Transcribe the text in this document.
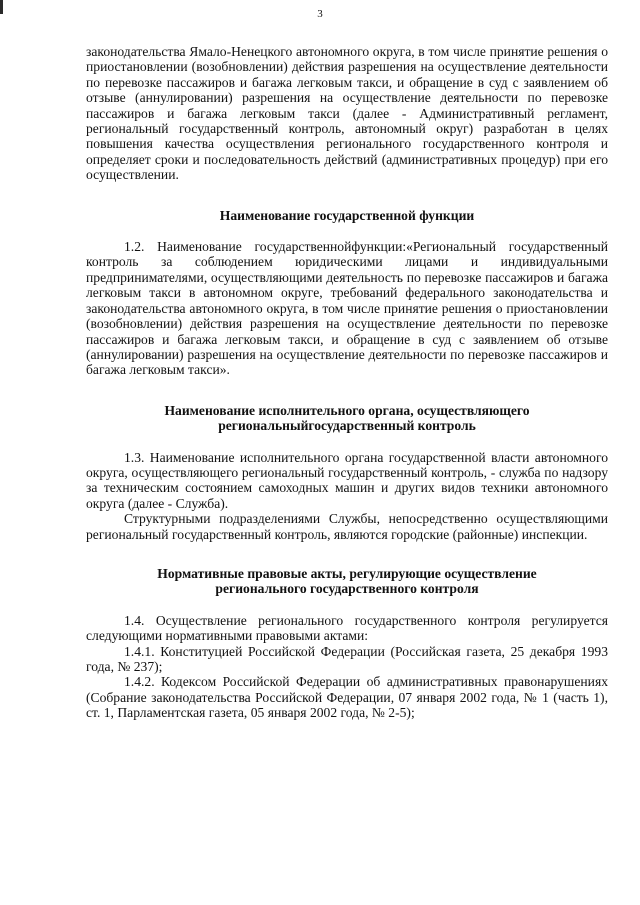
3

законодательства Ямало-Ненецкого автономного округа, в том числе принятие решения о приостановлении (возобновлении) действия разрешения на осуществление деятельности по перевозке пассажиров и багажа легковым такси, и обращение в суд с заявлением об отзыве (аннулировании) разрешения на осуществление деятельности по перевозке пассажиров и багажа легковым такси (далее - Административный регламент, региональный государственный контроль, автономный округ) разработан в целях повышения качества осуществления регионального государственного контроля и определяет сроки и последовательность действий (административных процедур) при его осуществлении.

Наименование государственной функции

1.2. Наименование государственнойфункции:«Региональный государственный контроль за соблюдением юридическими лицами и индивидуальными предпринимателями, осуществляющими деятельность по перевозке пассажиров и багажа легковым такси в автономном округе, требований федерального законодательства и законодательства автономного округа, в том числе принятие решения о приостановлении (возобновлении) действия разрешения на осуществление деятельности по перевозке пассажиров и багажа легковым такси, и обращение в суд с заявлением об отзыве (аннулировании) разрешения на осуществление деятельности по перевозке пассажиров и багажа легковым такси».

Наименование исполнительного органа, осуществляющего
региональныйгосударственный контроль

1.3. Наименование исполнительного органа государственной власти автономного округа, осуществляющего региональный государственный контроль, - служба по надзору за техническим состоянием самоходных машин и других видов техники автономного округа (далее - Служба).

Структурными подразделениями Службы, непосредственно осуществляющими региональный государственный контроль, являются городские (районные) инспекции.

Нормативные правовые акты, регулирующие осуществление
регионального государственного контроля

1.4. Осуществление регионального государственного контроля регулируется следующими нормативными правовыми актами:

1.4.1. Конституцией Российской Федерации (Российская газета, 25 декабря 1993 года, № 237);

1.4.2. Кодексом Российской Федерации об административных правонарушениях (Собрание законодательства Российской Федерации, 07 января 2002 года, № 1 (часть 1), ст. 1, Парламентская газета, 05 января 2002 года, № 2-5);
